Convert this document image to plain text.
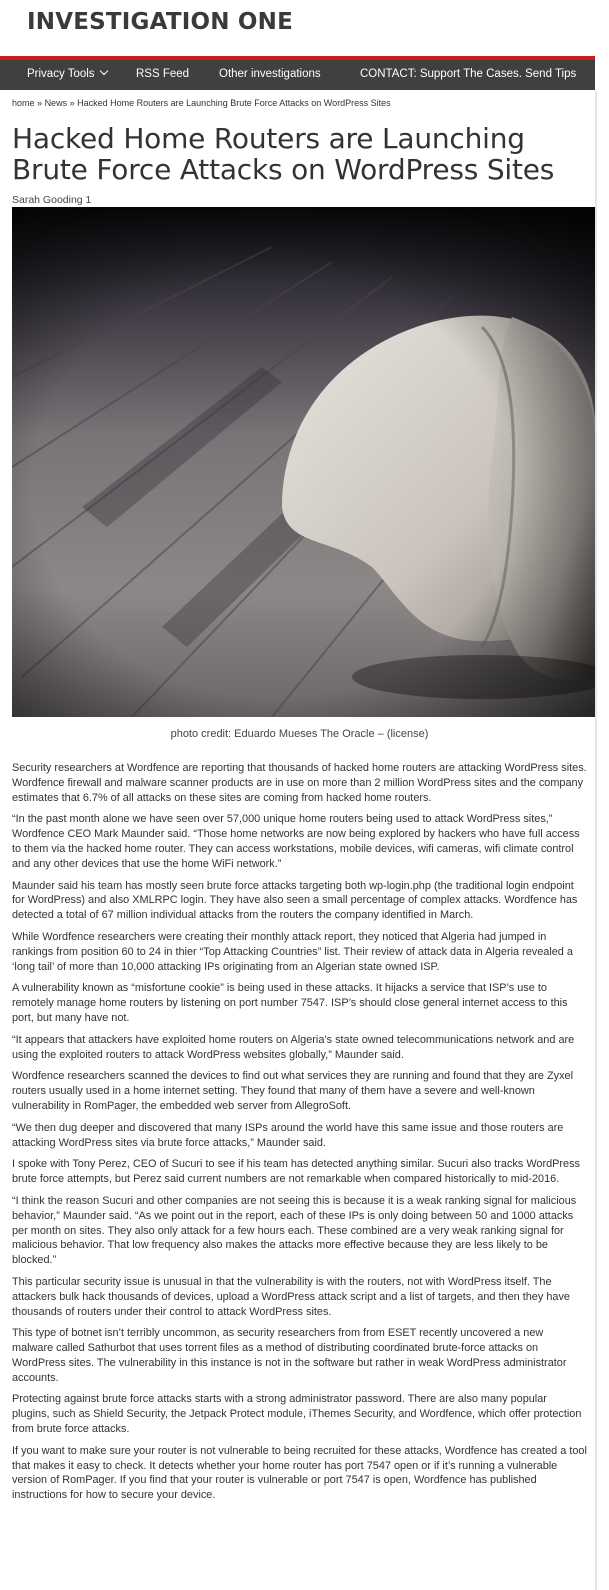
INVESTIGATION ONE
Privacy Tools	RSS Feed	Other investigations	CONTACT: Support The Cases. Send Tips
home » News » Hacked Home Routers are Launching Brute Force Attacks on WordPress Sites
Hacked Home Routers are Launching Brute Force Attacks on WordPress Sites
Sarah Gooding 1
photo credit: Eduardo Mueses The Oracle – (license)

Security researchers at Wordfence are reporting that thousands of hacked home routers are attacking WordPress sites. Wordfence firewall and malware scanner products are in use on more than 2 million WordPress sites and the company estimates that 6.7% of all attacks on these sites are coming from hacked home routers.

“In the past month alone we have seen over 57,000 unique home routers being used to attack WordPress sites,” Wordfence CEO Mark Maunder said. “Those home networks are now being explored by hackers who have full access to them via the hacked home router. They can access workstations, mobile devices, wifi cameras, wifi climate control and any other devices that use the home WiFi network.”

Maunder said his team has mostly seen brute force attacks targeting both wp-login.php (the traditional login endpoint for WordPress) and also XMLRPC login. They have also seen a small percentage of complex attacks. Wordfence has detected a total of 67 million individual attacks from the routers the company identified in March.

While Wordfence researchers were creating their monthly attack report, they noticed that Algeria had jumped in rankings from position 60 to 24 in thier “Top Attacking Countries” list. Their review of attack data in Algeria revealed a ‘long tail’ of more than 10,000 attacking IPs originating from an Algerian state owned ISP.

A vulnerability known as “misfortune cookie” is being used in these attacks. It hijacks a service that ISP’s use to remotely manage home routers by listening on port number 7547. ISP’s should close general internet access to this port, but many have not.

“It appears that attackers have exploited home routers on Algeria’s state owned telecommunications network and are using the exploited routers to attack WordPress websites globally,” Maunder said.

Wordfence researchers scanned the devices to find out what services they are running and found that they are Zyxel routers usually used in a home internet setting. They found that many of them have a severe and well-known vulnerability in RomPager, the embedded web server from AllegroSoft.

“We then dug deeper and discovered that many ISPs around the world have this same issue and those routers are attacking WordPress sites via brute force attacks,” Maunder said.

I spoke with Tony Perez, CEO of Sucuri to see if his team has detected anything similar. Sucuri also tracks WordPress brute force attempts, but Perez said current numbers are not remarkable when compared historically to mid-2016.

“I think the reason Sucuri and other companies are not seeing this is because it is a weak ranking signal for malicious behavior,” Maunder said. “As we point out in the report, each of these IPs is only doing between 50 and 1000 attacks per month on sites. They also only attack for a few hours each. These combined are a very weak ranking signal for malicious behavior. That low frequency also makes the attacks more effective because they are less likely to be blocked.”

This particular security issue is unusual in that the vulnerability is with the routers, not with WordPress itself. The attackers bulk hack thousands of devices, upload a WordPress attack script and a list of targets, and then they have thousands of routers under their control to attack WordPress sites.

This type of botnet isn’t terribly uncommon, as security researchers from from ESET recently uncovered a new malware called Sathurbot that uses torrent files as a method of distributing coordinated brute-force attacks on WordPress sites. The vulnerability in this instance is not in the software but rather in weak WordPress administrator accounts.

Protecting against brute force attacks starts with a strong administrator password. There are also many popular plugins, such as Shield Security, the Jetpack Protect module, iThemes Security, and Wordfence, which offer protection from brute force attacks.

If you want to make sure your router is not vulnerable to being recruited for these attacks, Wordfence has created a tool that makes it easy to check. It detects whether your home router has port 7547 open or if it’s running a vulnerable version of RomPager. If you find that your router is vulnerable or port 7547 is open, Wordfence has published instructions for how to secure your device.
